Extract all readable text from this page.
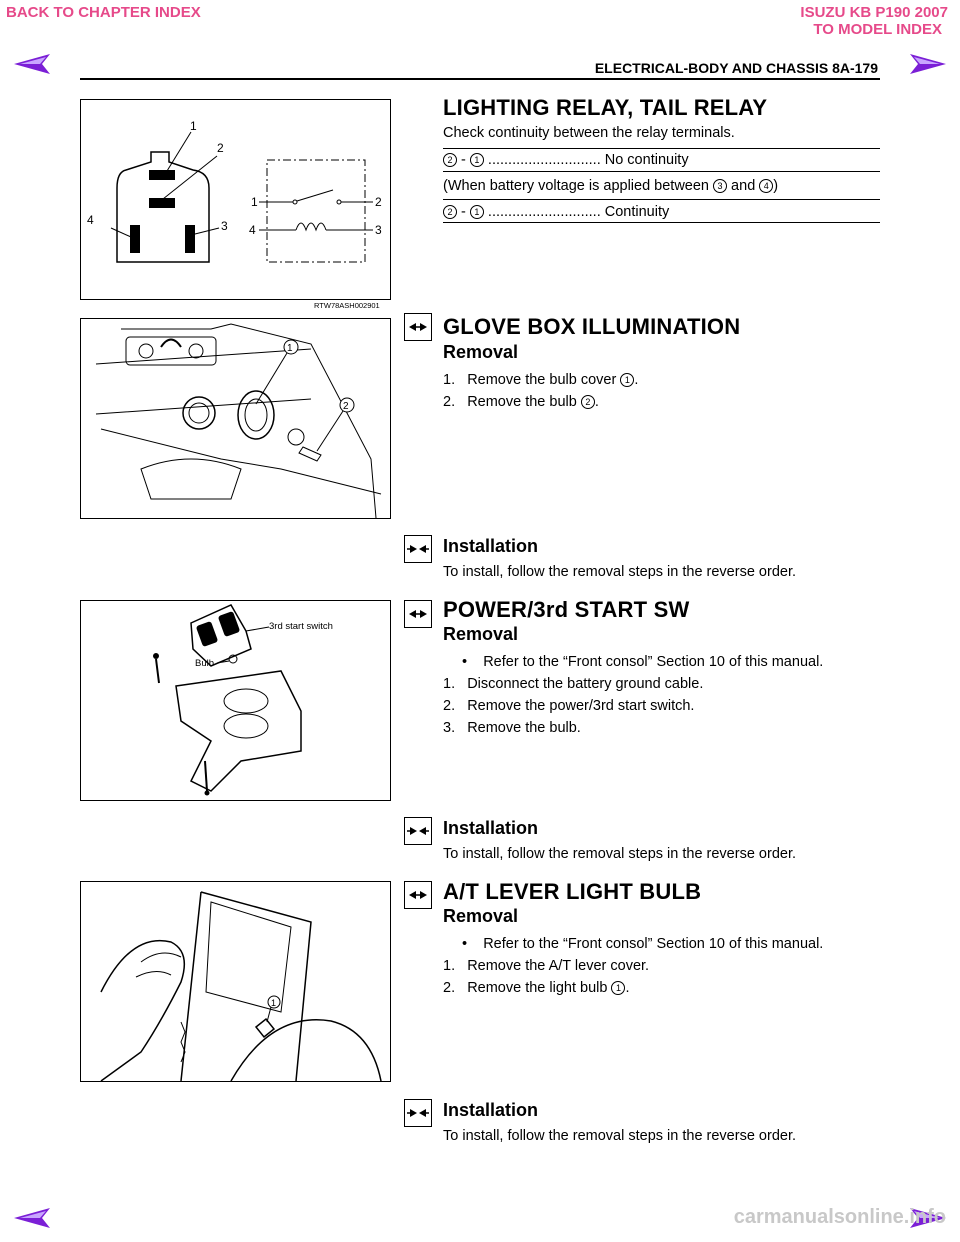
BACK TO CHAPTER INDEX	ISUZU KB P190 2007
TO MODEL INDEX
ELECTRICAL-BODY AND CHASSIS 8A-179
1
2
3
4
1	2
3
4
RTW78ASH002901
LIGHTING RELAY, TAIL RELAY
Check continuity between the relay terminals.
2 - 1 ............................ No continuity
(When battery voltage is applied between 3 and 4 )
2 - 1 ............................ Continuity
1
2
GLOVE BOX ILLUMINATION
Removal
1. Remove the bulb cover 1 .
2. Remove the bulb 2 .
Installation
To install, follow the removal steps in the reverse order.
3rd start switch
Bulb
POWER/3rd START SW
Removal
• Refer to the “Front consol” Section 10 of this manual.
1. Disconnect the battery ground cable.
2. Remove the power/3rd start switch.
3. Remove the bulb.
Installation
To install, follow the removal steps in the reverse order.
1
A/T LEVER LIGHT BULB
Removal
• Refer to the “Front consol” Section 10 of this manual.
1. Remove the A/T lever cover.
2. Remove the light bulb 1 .
Installation
To install, follow the removal steps in the reverse order.
carmanualsonline.info
